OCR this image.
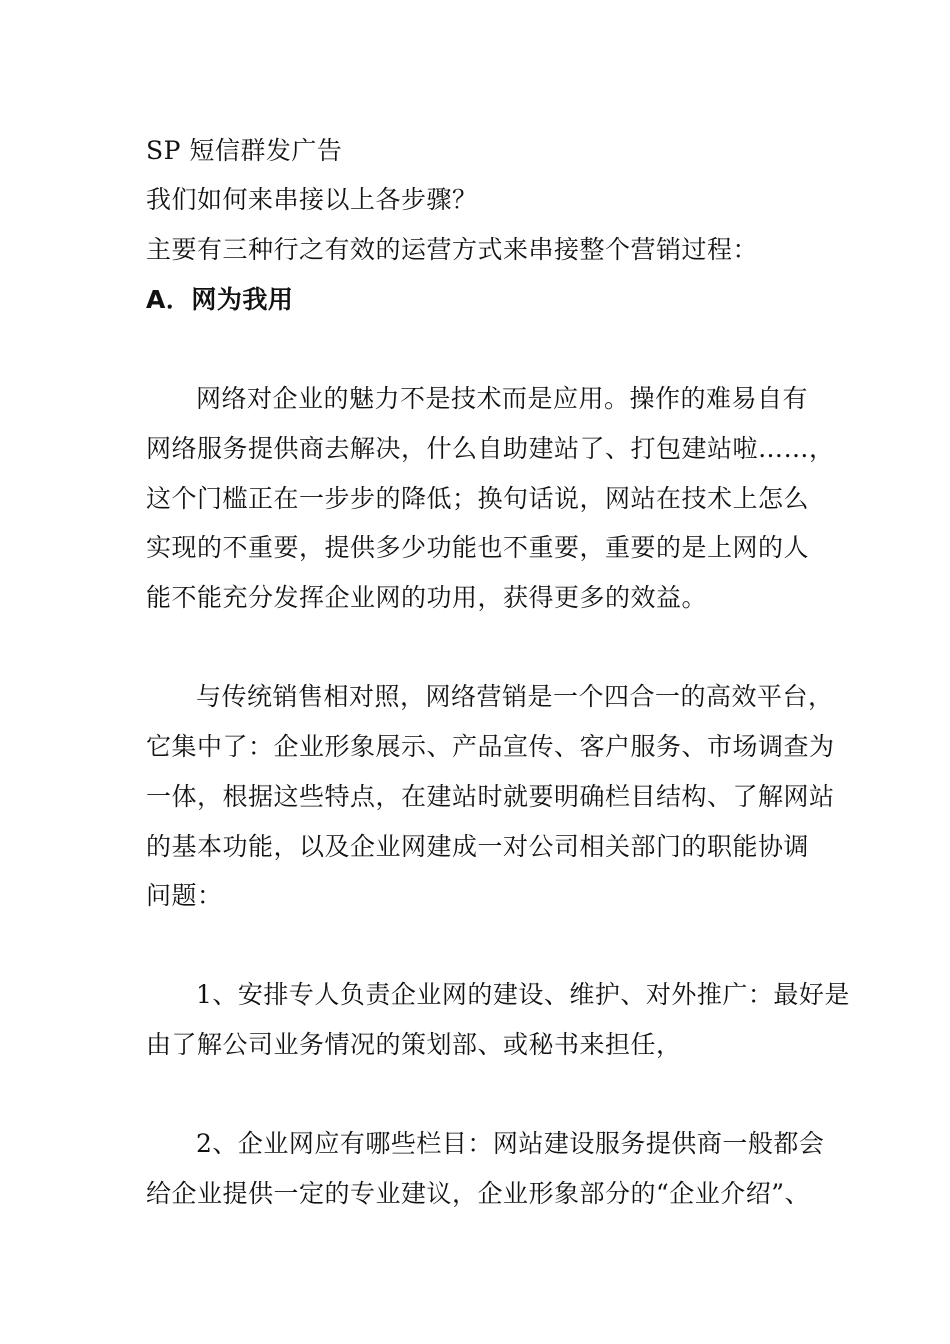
SP 短信群发广告
我们如何来串接以上各步骤？
主要有三种行之有效的运营方式来串接整个营销过程：
A．网为我用
网络对企业的魅力不是技术而是应用。操作的难易自有
网络服务提供商去解决，什么自助建站了、打包建站啦……，
这个门槛正在一步步的降低；换句话说，网站在技术上怎么
实现的不重要，提供多少功能也不重要，重要的是上网的人
能不能充分发挥企业网的功用，获得更多的效益。
与传统销售相对照，网络营销是一个四合一的高效平台，
它集中了：企业形象展示、产品宣传、客户服务、市场调查为
一体，根据这些特点，在建站时就要明确栏目结构、了解网站
的基本功能，以及企业网建成一对公司相关部门的职能协调
问题：
1、安排专人负责企业网的建设、维护、对外推广：最好是
由了解公司业务情况的策划部、或秘书来担任，
2、企业网应有哪些栏目：网站建设服务提供商一般都会
给企业提供一定的专业建议，企业形象部分的“企业介绍”、
